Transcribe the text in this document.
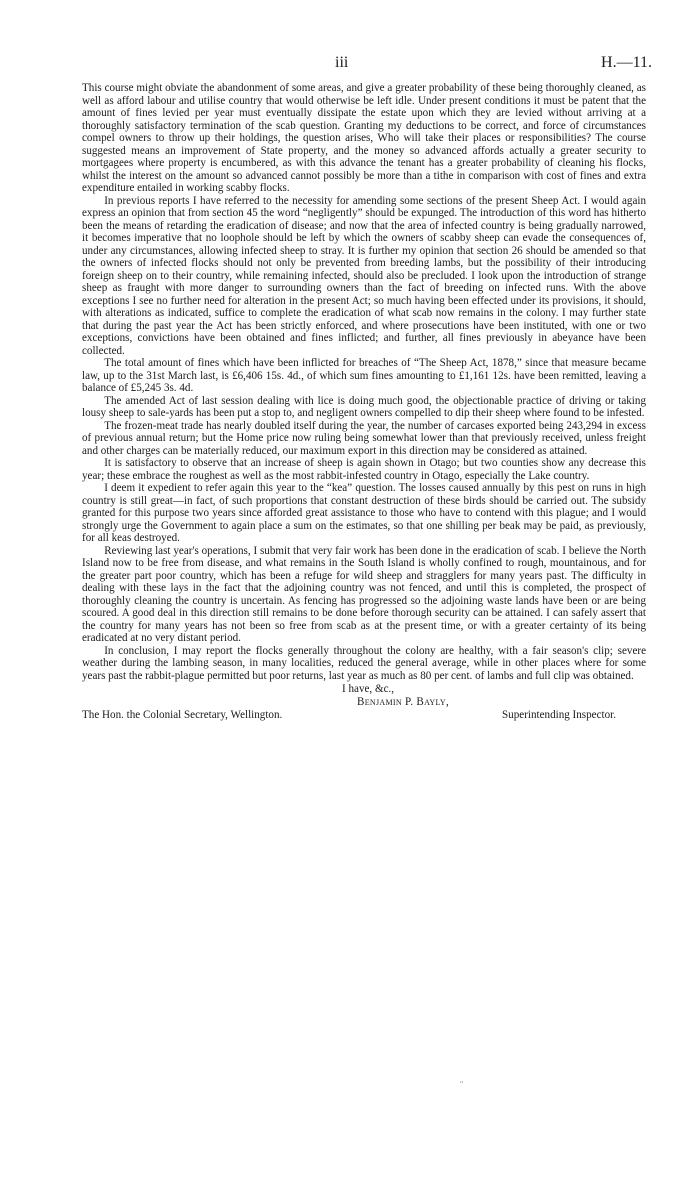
iii	H.—11.

This course might obviate the abandonment of some areas, and give a greater probability of these being thoroughly cleaned, as well as afford labour and utilise country that would otherwise be left idle. Under present conditions it must be patent that the amount of fines levied per year must eventually dissipate the estate upon which they are levied without arriving at a thoroughly satisfactory termination of the scab question. Granting my deductions to be correct, and force of circumstances compel owners to throw up their holdings, the question arises, Who will take their places or responsibilities? The course suggested means an improvement of State property, and the money so advanced affords actually a greater security to mortgagees where property is encumbered, as with this advance the tenant has a greater probability of cleaning his flocks, whilst the interest on the amount so advanced cannot possibly be more than a tithe in comparison with cost of fines and extra expenditure entailed in working scabby flocks.

In previous reports I have referred to the necessity for amending some sections of the present Sheep Act. I would again express an opinion that from section 45 the word “negligently” should be expunged. The introduction of this word has hitherto been the means of retarding the eradication of disease; and now that the area of infected country is being gradually narrowed, it becomes imperative that no loophole should be left by which the owners of scabby sheep can evade the consequences of, under any circumstances, allowing infected sheep to stray. It is further my opinion that section 26 should be amended so that the owners of infected flocks should not only be prevented from breeding lambs, but the possibility of their introducing foreign sheep on to their country, while remaining infected, should also be precluded. I look upon the introduction of strange sheep as fraught with more danger to surrounding owners than the fact of breeding on infected runs. With the above exceptions I see no further need for alteration in the present Act; so much having been effected under its provisions, it should, with alterations as indicated, suffice to complete the eradication of what scab now remains in the colony. I may further state that during the past year the Act has been strictly enforced, and where prosecutions have been instituted, with one or two exceptions, convictions have been obtained and fines inflicted; and further, all fines previously in abeyance have been collected.

The total amount of fines which have been inflicted for breaches of “The Sheep Act, 1878,” since that measure became law, up to the 31st March last, is £6,406 15s. 4d., of which sum fines amounting to £1,161 12s. have been remitted, leaving a balance of £5,245 3s. 4d.

The amended Act of last session dealing with lice is doing much good, the objectionable practice of driving or taking lousy sheep to sale-yards has been put a stop to, and negligent owners compelled to dip their sheep where found to be infested.

The frozen-meat trade has nearly doubled itself during the year, the number of carcases exported being 243,294 in excess of previous annual return; but the Home price now ruling being somewhat lower than that previously received, unless freight and other charges can be materially reduced, our maximum export in this direction may be considered as attained.

It is satisfactory to observe that an increase of sheep is again shown in Otago; but two counties show any decrease this year; these embrace the roughest as well as the most rabbit-infested country in Otago, especially the Lake country.

I deem it expedient to refer again this year to the “kea” question. The losses caused annually by this pest on runs in high country is still great—in fact, of such proportions that constant destruction of these birds should be carried out. The subsidy granted for this purpose two years since afforded great assistance to those who have to contend with this plague; and I would strongly urge the Government to again place a sum on the estimates, so that one shilling per beak may be paid, as previously, for all keas destroyed.

Reviewing last year's operations, I submit that very fair work has been done in the eradication of scab. I believe the North Island now to be free from disease, and what remains in the South Island is wholly confined to rough, mountainous, and for the greater part poor country, which has been a refuge for wild sheep and stragglers for many years past. The difficulty in dealing with these lays in the fact that the adjoining country was not fenced, and until this is completed, the prospect of thoroughly cleaning the country is uncertain. As fencing has progressed so the adjoining waste lands have been or are being scoured. A good deal in this direction still remains to be done before thorough security can be attained. I can safely assert that the country for many years has not been so free from scab as at the present time, or with a greater certainty of its being eradicated at no very distant period.

In conclusion, I may report the flocks generally throughout the colony are healthy, with a fair season's clip; severe weather during the lambing season, in many localities, reduced the general average, while in other places where for some years past the rabbit-plague permitted but poor returns, last year as much as 80 per cent. of lambs and full clip was obtained.

I have, &c.,
Benjamin P. Bayly,
The Hon. the Colonial Secretary, Wellington.	Superintending Inspector.
¨
